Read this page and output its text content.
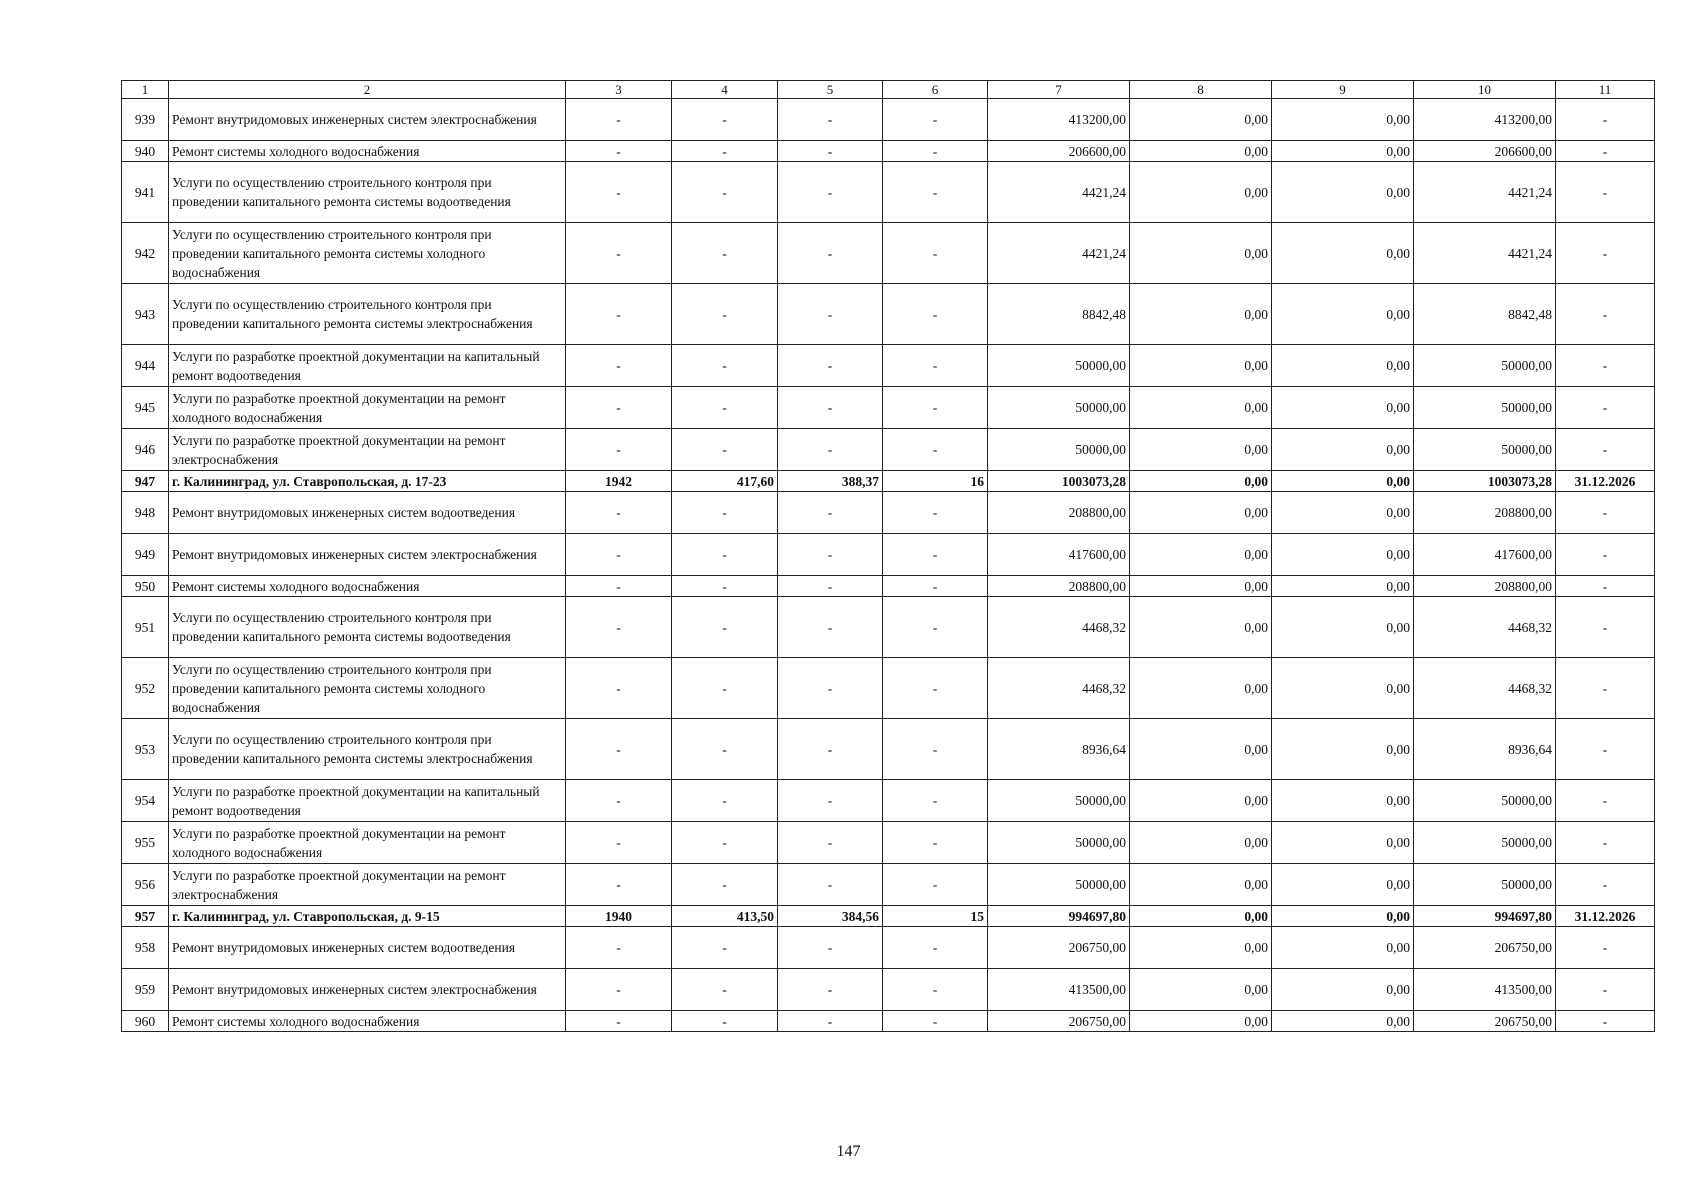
1	2	3	4	5	6	7	8	9	10	11
939	Ремонт внутридомовых инженерных систем электроснабжения	-	-	-	-	413200,00	0,00	0,00	413200,00	-
940	Ремонт системы холодного водоснабжения	-	-	-	-	206600,00	0,00	0,00	206600,00	-
941	Услуги по осуществлению строительного контроля при проведении капитального ремонта системы водоотведения	-	-	-	-	4421,24	0,00	0,00	4421,24	-
942	Услуги по осуществлению строительного контроля при проведении капитального ремонта системы холодного водоснабжения	-	-	-	-	4421,24	0,00	0,00	4421,24	-
943	Услуги по осуществлению строительного контроля при проведении капитального ремонта системы электроснабжения	-	-	-	-	8842,48	0,00	0,00	8842,48	-
944	Услуги по разработке проектной документации на капитальный ремонт водоотведения	-	-	-	-	50000,00	0,00	0,00	50000,00	-
945	Услуги по разработке проектной документации на ремонт холодного водоснабжения	-	-	-	-	50000,00	0,00	0,00	50000,00	-
946	Услуги по разработке проектной документации на ремонт электроснабжения	-	-	-	-	50000,00	0,00	0,00	50000,00	-
947	г. Калининград, ул. Ставропольская, д. 17-23	1942	417,60	388,37	16	1003073,28	0,00	0,00	1003073,28	31.12.2026
948	Ремонт внутридомовых инженерных систем водоотведения	-	-	-	-	208800,00	0,00	0,00	208800,00	-
949	Ремонт внутридомовых инженерных систем электроснабжения	-	-	-	-	417600,00	0,00	0,00	417600,00	-
950	Ремонт системы холодного водоснабжения	-	-	-	-	208800,00	0,00	0,00	208800,00	-
951	Услуги по осуществлению строительного контроля при проведении капитального ремонта системы водоотведения	-	-	-	-	4468,32	0,00	0,00	4468,32	-
952	Услуги по осуществлению строительного контроля при проведении капитального ремонта системы холодного водоснабжения	-	-	-	-	4468,32	0,00	0,00	4468,32	-
953	Услуги по осуществлению строительного контроля при проведении капитального ремонта системы электроснабжения	-	-	-	-	8936,64	0,00	0,00	8936,64	-
954	Услуги по разработке проектной документации на капитальный ремонт водоотведения	-	-	-	-	50000,00	0,00	0,00	50000,00	-
955	Услуги по разработке проектной документации на ремонт холодного водоснабжения	-	-	-	-	50000,00	0,00	0,00	50000,00	-
956	Услуги по разработке проектной документации на ремонт электроснабжения	-	-	-	-	50000,00	0,00	0,00	50000,00	-
957	г. Калининград, ул. Ставропольская, д. 9-15	1940	413,50	384,56	15	994697,80	0,00	0,00	994697,80	31.12.2026
958	Ремонт внутридомовых инженерных систем водоотведения	-	-	-	-	206750,00	0,00	0,00	206750,00	-
959	Ремонт внутридомовых инженерных систем электроснабжения	-	-	-	-	413500,00	0,00	0,00	413500,00	-
960	Ремонт системы холодного водоснабжения	-	-	-	-	206750,00	0,00	0,00	206750,00	-
147
